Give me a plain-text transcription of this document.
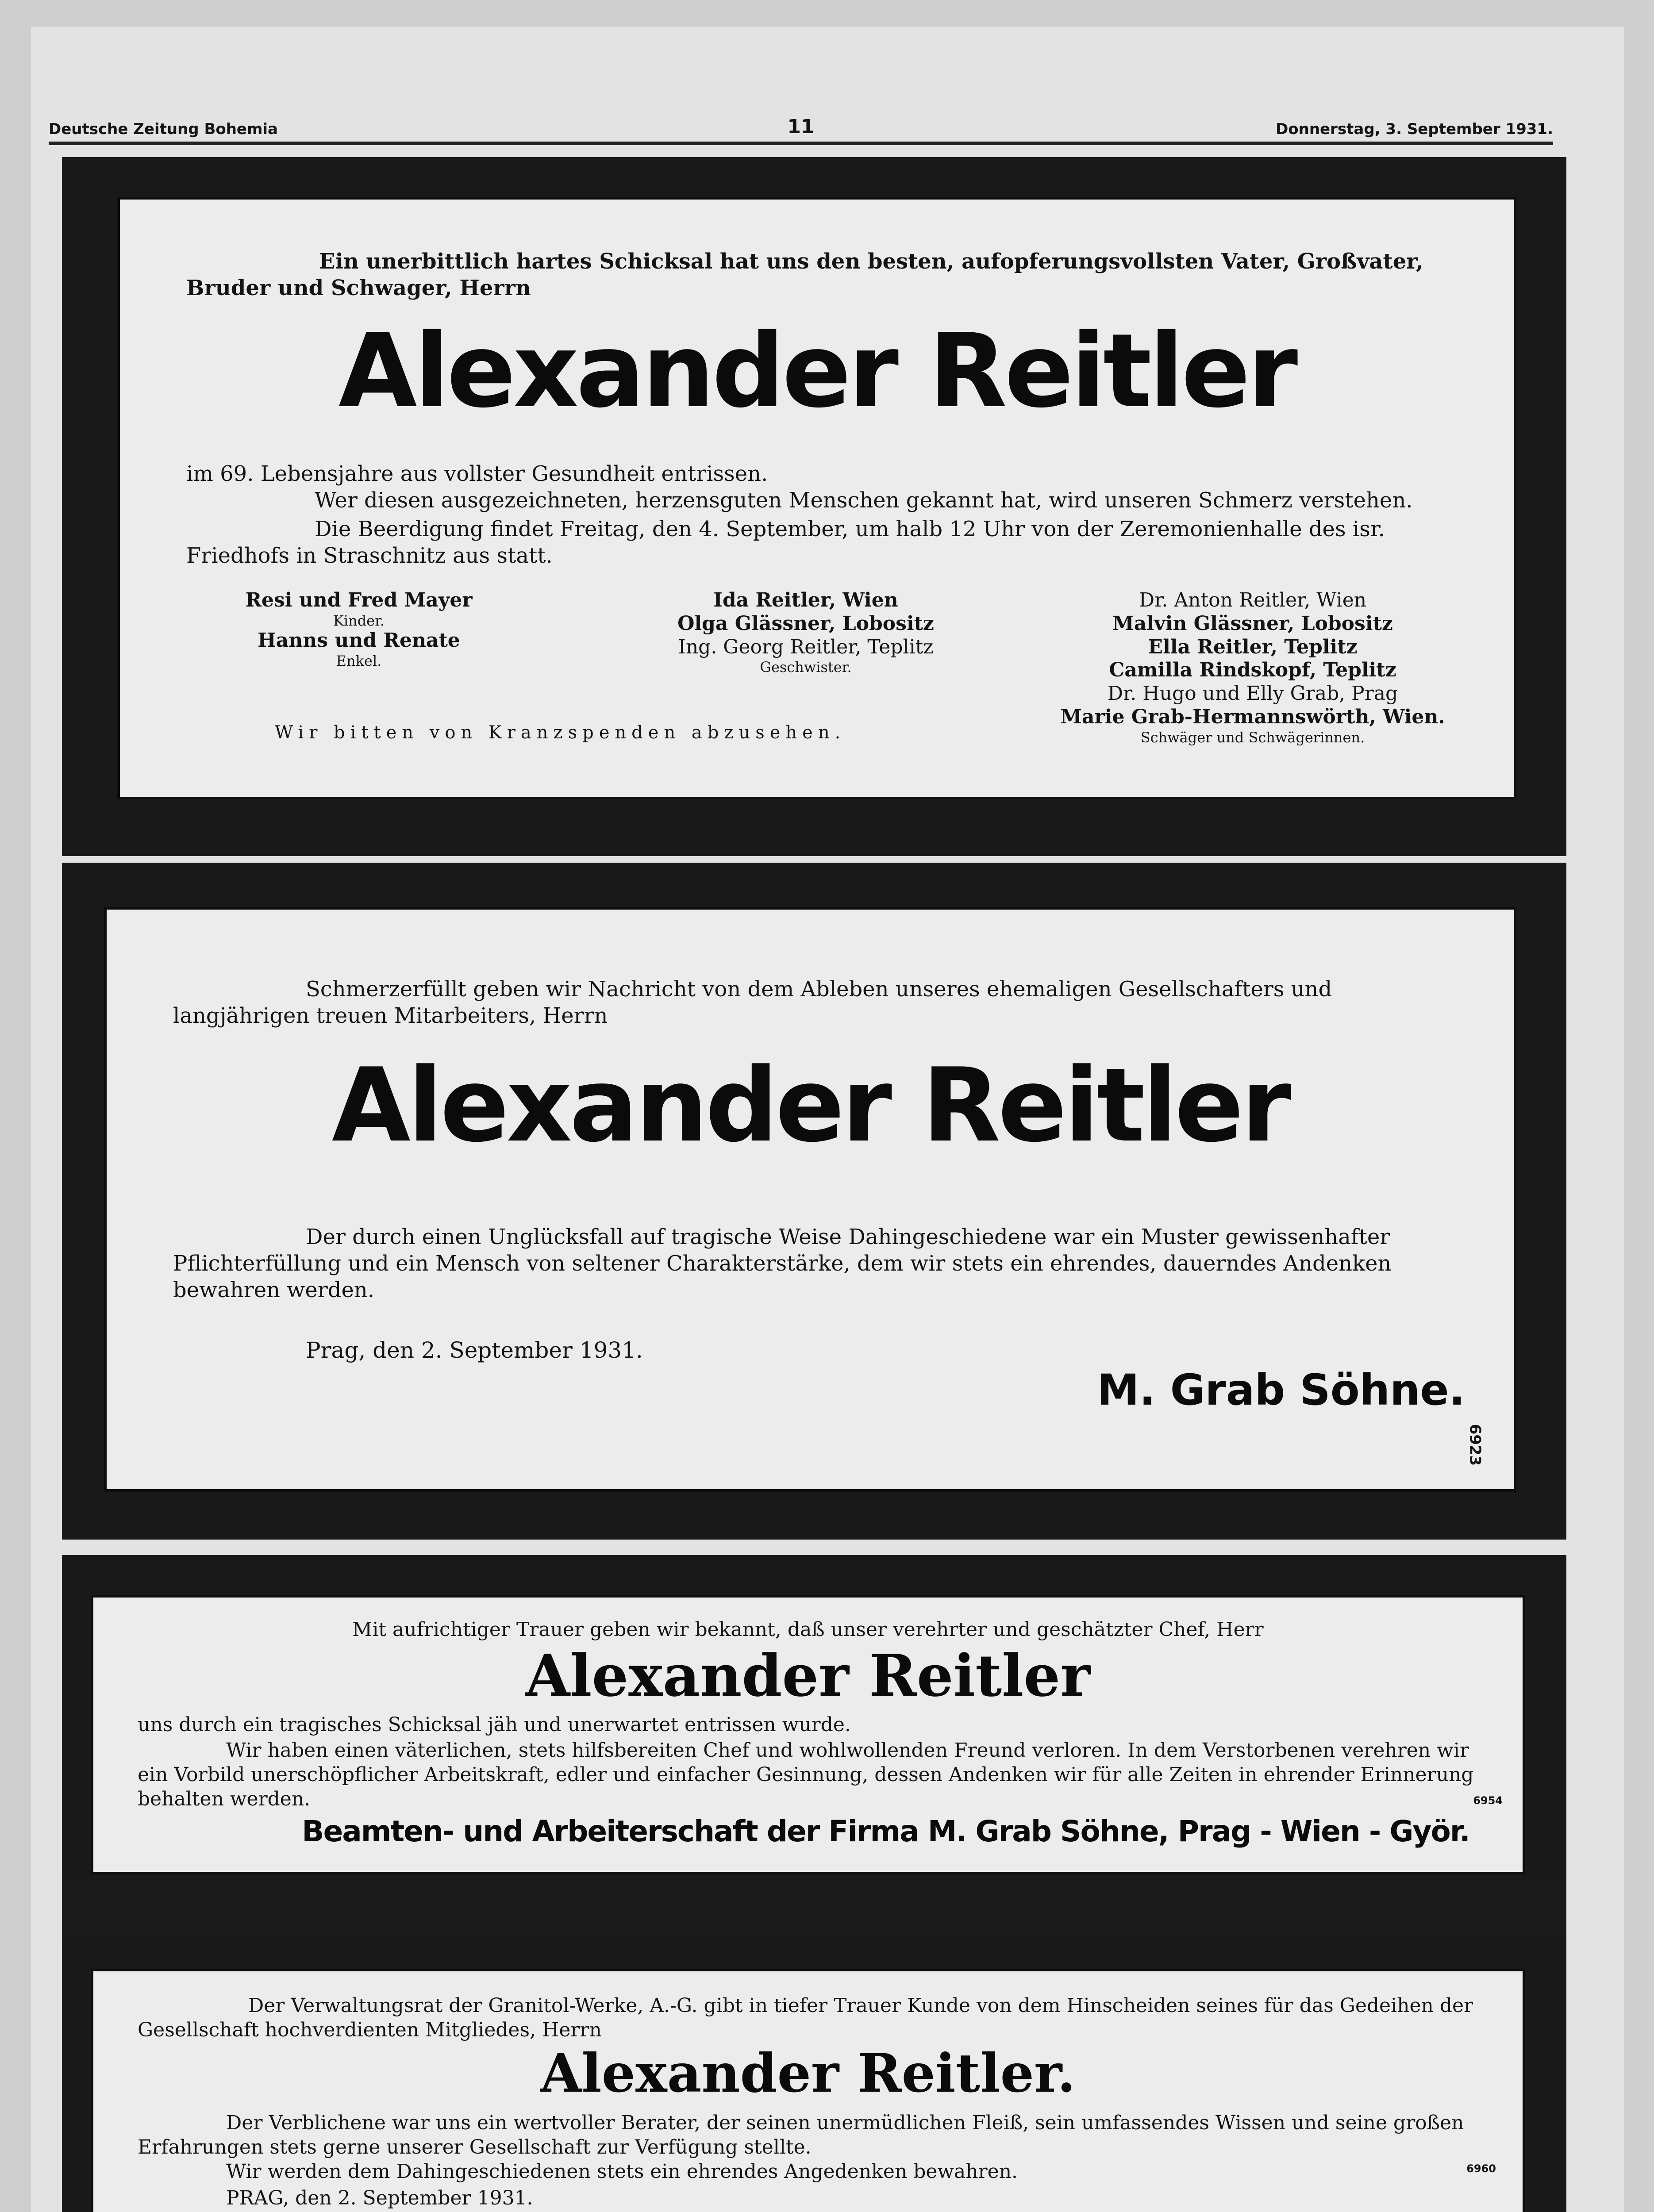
Deutsche Zeitung Bohemia	11	Donnerstag, 3. September 1931.

Ein unerbittlich hartes Schicksal hat uns den besten, aufopferungsvollsten Vater, Großvater, Bruder und Schwager, Herrn

Alexander Reitler

im 69. Lebensjahre aus vollster Gesundheit entrissen.

Wer diesen ausgezeichneten, herzensguten Menschen gekannt hat, wird unseren Schmerz verstehen.

Die Beerdigung findet Freitag, den 4. September, um halb 12 Uhr von der Zeremonienhalle des isr. Friedhofs in Straschnitz aus statt.

Resi und Fred Mayer
Kinder.
Hanns und Renate
Enkel.
Ida Reitler, Wien
Olga Glässner, Lobositz
Ing. Georg Reitler, Teplitz
Geschwister.
Dr. Anton Reitler, Wien
Malvin Glässner, Lobositz
Ella Reitler, Teplitz
Camilla Rindskopf, Teplitz
Dr. Hugo und Elly Grab, Prag
Marie Grab-Hermannswörth, Wien.
Schwäger und Schwägerinnen.

Wir bitten von Kranzspenden abzusehen.

Schmerzerfüllt geben wir Nachricht von dem Ableben unseres ehemaligen Gesellschafters und langjährigen treuen Mitarbeiters, Herrn

Alexander Reitler

Der durch einen Unglücksfall auf tragische Weise Dahingeschiedene war ein Muster gewissenhafter Pflichterfüllung und ein Mensch von seltener Charakterstärke, dem wir stets ein ehrendes, dauerndes Andenken bewahren werden.

Prag, den 2. September 1931.

M. Grab Söhne.
6923

Mit aufrichtiger Trauer geben wir bekannt, daß unser verehrter und geschätzter Chef, Herr

Alexander Reitler

uns durch ein tragisches Schicksal jäh und unerwartet entrissen wurde.

Wir haben einen väterlichen, stets hilfsbereiten Chef und wohlwollenden Freund verloren. In dem Verstorbenen verehren wir ein Vorbild unerschöpflicher Arbeitskraft, edler und einfacher Gesinnung, dessen Andenken wir für alle Zeiten in ehrender Erinnerung behalten werden.	6954
Beamten- und Arbeiterschaft der Firma M. Grab Söhne, Prag - Wien - Györ.

Der Verwaltungsrat der Granitol-Werke, A.-G. gibt in tiefer Trauer Kunde von dem Hinscheiden seines für das Gedeihen der Gesellschaft hochverdienten Mitgliedes, Herrn

Alexander Reitler.

Der Verblichene war uns ein wertvoller Berater, der seinen unermüdlichen Fleiß, sein umfassendes Wissen und seine großen Erfahrungen stets gerne unserer Gesellschaft zur Verfügung stellte.

Wir werden dem Dahingeschiedenen stets ein ehrendes Angedenken bewahren.	6960

PRAG, den 2. September 1931.
